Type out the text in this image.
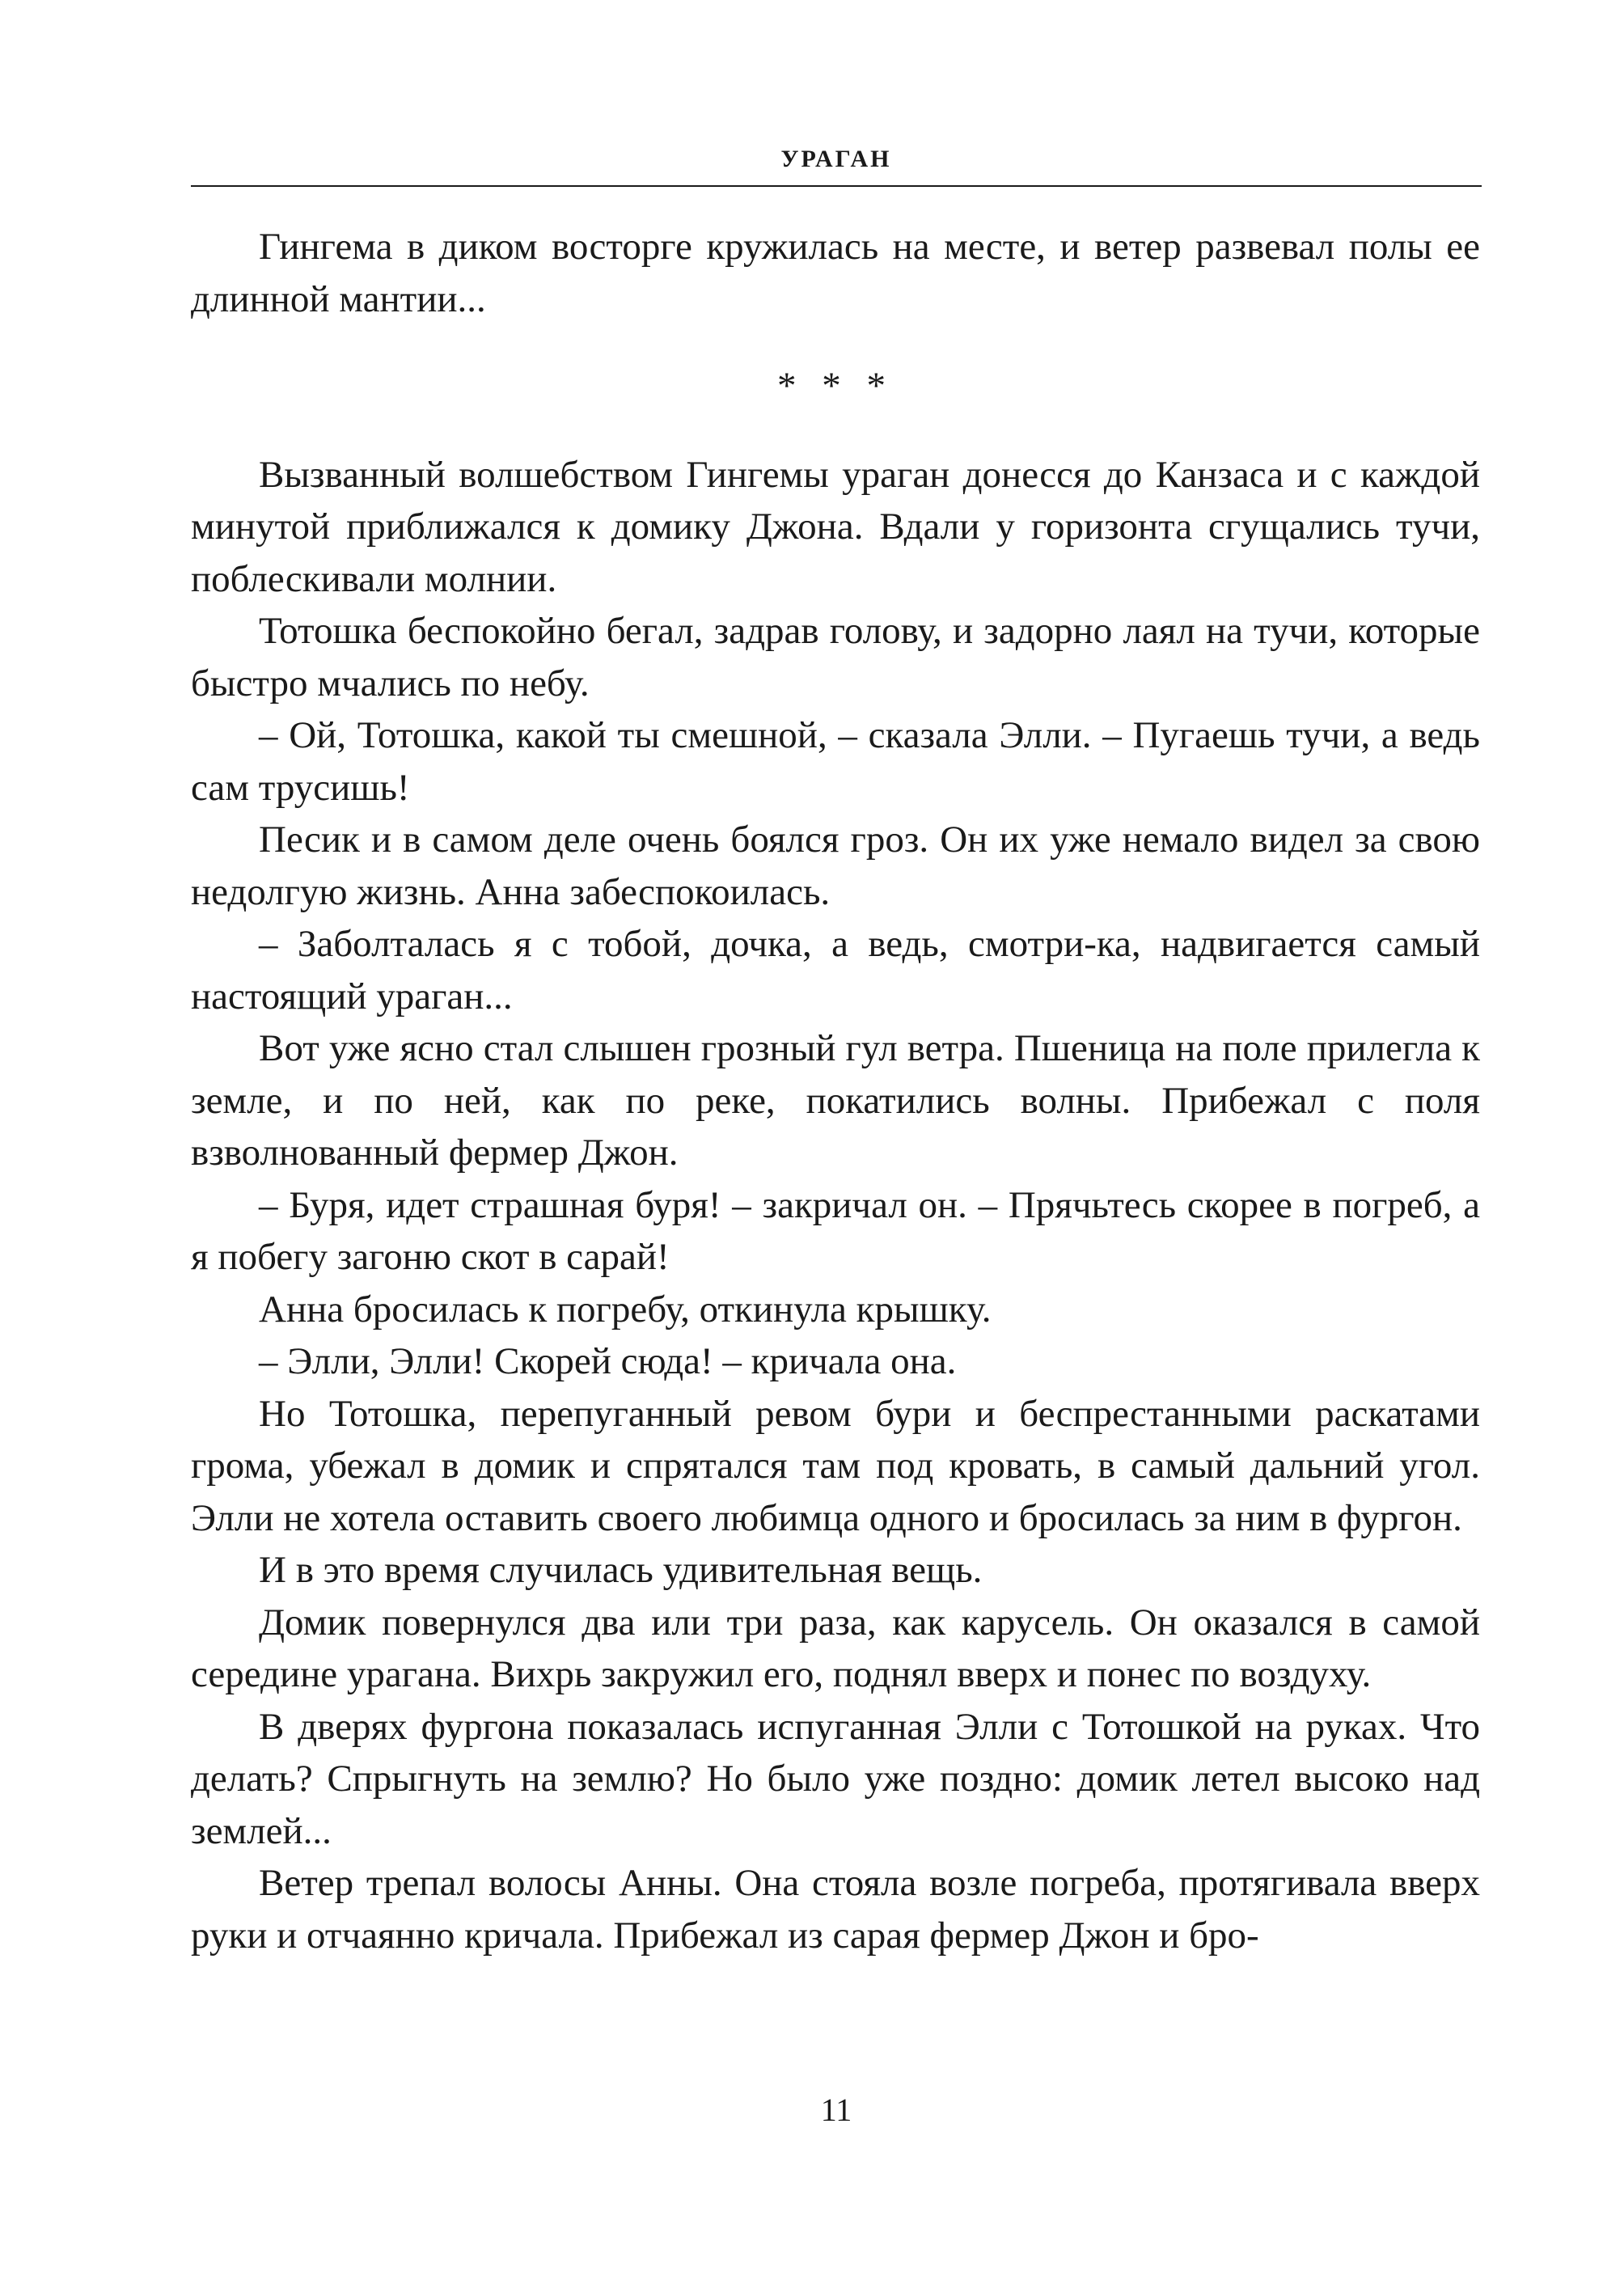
УРАГАН

Гингема в диком восторге кружилась на месте, и ветер развевал полы ее длинной мантии...

* * *

Вызванный волшебством Гингемы ураган донесся до Канзаса и с каждой минутой приближался к домику Джона. Вдали у горизонта сгущались тучи, поблескивали молнии.

Тотошка беспокойно бегал, задрав голову, и задорно лаял на тучи, которые быстро мчались по небу.

– Ой, Тотошка, какой ты смешной, – сказала Элли. – Пугаешь тучи, а ведь сам трусишь!

Песик и в самом деле очень боялся гроз. Он их уже немало видел за свою недолгую жизнь. Анна забеспокоилась.

– Заболталась я с тобой, дочка, а ведь, смотри-ка, надвигается самый настоящий ураган...

Вот уже ясно стал слышен грозный гул ветра. Пшеница на поле прилегла к земле, и по ней, как по реке, покатились волны. Прибежал с поля взволнованный фермер Джон.

– Буря, идет страшная буря! – закричал он. – Прячьтесь скорее в погреб, а я побегу загоню скот в сарай!

Анна бросилась к погребу, откинула крышку.

– Элли, Элли! Скорей сюда! – кричала она.

Но Тотошка, перепуганный ревом бури и беспрестанными раскатами грома, убежал в домик и спрятался там под кровать, в самый дальний угол. Элли не хотела оставить своего любимца одного и бросилась за ним в фургон.

И в это время случилась удивительная вещь.

Домик повернулся два или три раза, как карусель. Он оказался в самой середине урагана. Вихрь закружил его, поднял вверх и понес по воздуху.

В дверях фургона показалась испуганная Элли с Тотошкой на руках. Что делать? Спрыгнуть на землю? Но было уже поздно: домик летел высоко над землей...

Ветер трепал волосы Анны. Она стояла возле погреба, протягивала вверх руки и отчаянно кричала. Прибежал из сарая фермер Джон и бро-

11
